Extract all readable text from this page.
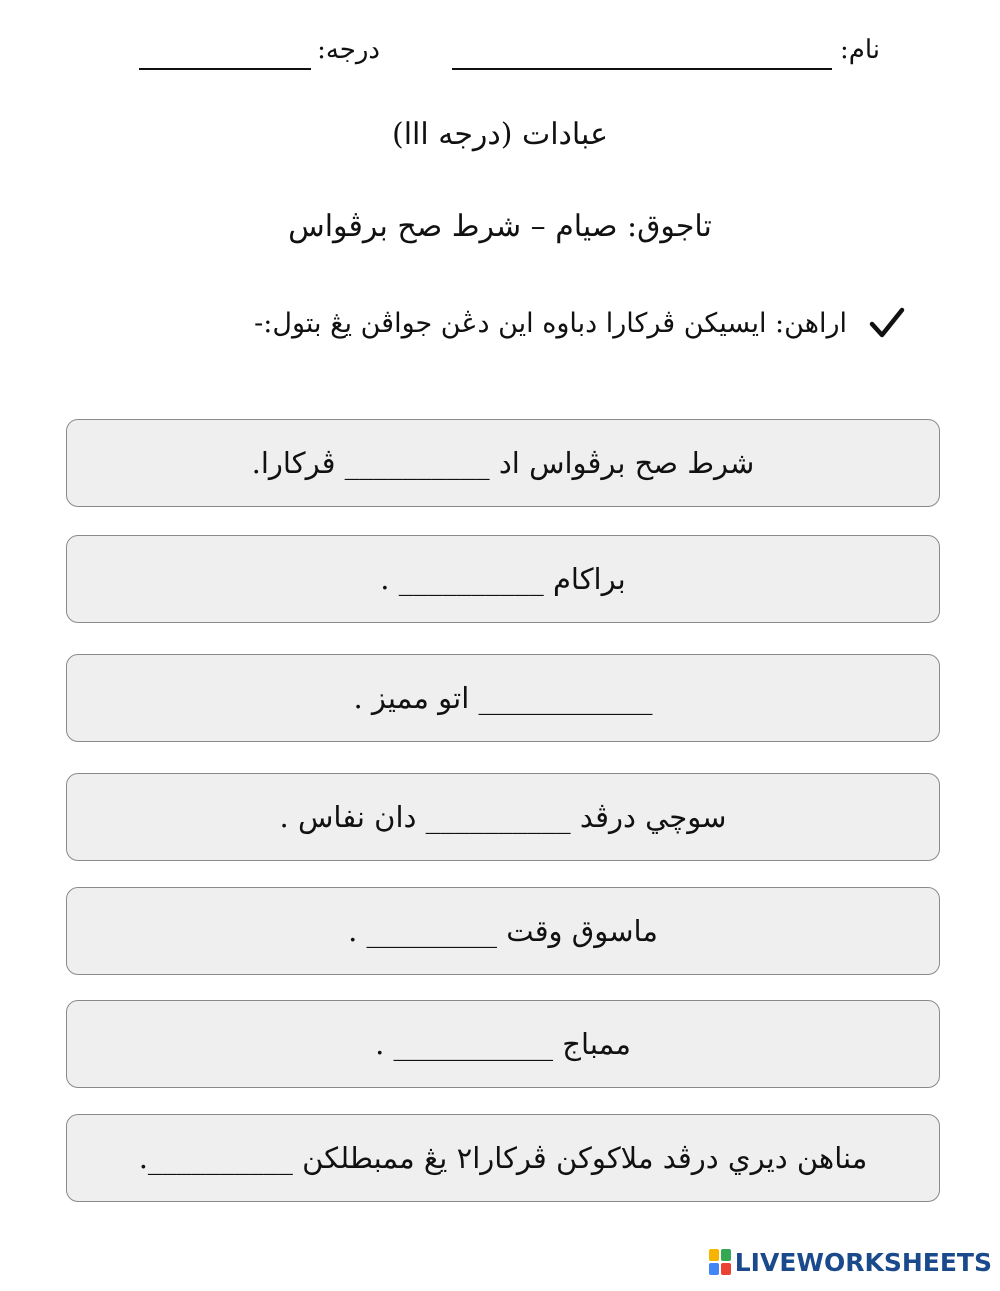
نام:
درجه:
عبادات (درجه ااا)
تاجوق: صيام – شرط صح برڤواس
اراهن: ايسيكن ڤركارا دباوه اين دڠن جواڤن يڠ بتول:-
شرط صح برڤواس اد __________ ڤركارا.
براكام __________ .
____________ اتو مميز .
سوچي درڤد __________ دان نفاس .
ماسوق وقت _________ .
ممباج ___________ .
مناهن ديري درڤد ملاكوكن ڤركارا٢ يڠ ممبطلكن __________.
LIVEWORKSHEETS
